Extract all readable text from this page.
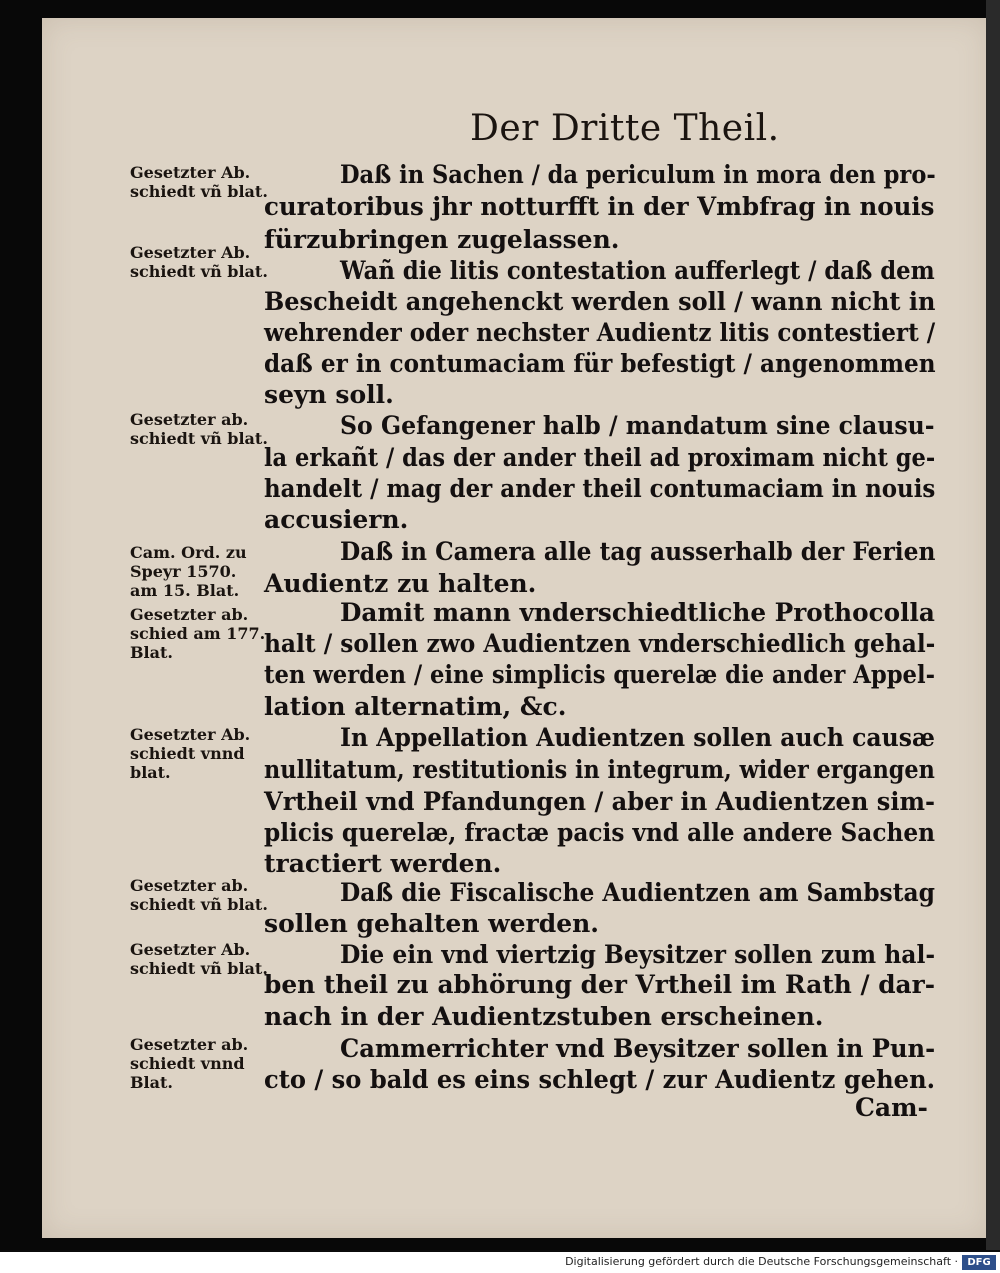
Der Dritte Theil.
Gesetzter Ab.
schiedt vñ blat.
Gesetzter Ab.
schiedt vñ blat.
Gesetzter ab.
schiedt vñ blat.
Cam. Ord. zu
Speyr 1570.
am 15. Blat.
Gesetzter ab.
schied am 177.
Blat.
Gesetzter Ab.
schiedt vnnd
blat.
Gesetzter ab.
schiedt vñ blat.
Gesetzter Ab.
schiedt vñ blat.
Gesetzter ab.
schiedt vnnd
Blat.
Daß in Sachen / da periculum in mora den pro-
curatoribus jhr notturfft in der Vmbfrag in nouis
fürzubringen zugelassen.
Wañ die litis contestation aufferlegt / daß dem
Bescheidt angehenckt werden soll / wann nicht in
wehrender oder nechster Audientz litis contestiert /
daß er in contumaciam für befestigt / angenommen
seyn soll.
So Gefangener halb / mandatum sine clausu-
la erkañt / das der ander theil ad proximam nicht ge-
handelt / mag der ander theil contumaciam in nouis
accusiern.
Daß in Camera alle tag ausserhalb der Ferien
Audientz zu halten.
Damit mann vnderschiedtliche Prothocolla
halt / sollen zwo Audientzen vnderschiedlich gehal-
ten werden / eine simplicis querelæ die ander Appel-
lation alternatim, &c.
In Appellation Audientzen sollen auch causæ
nullitatum, restitutionis in integrum, wider ergangen
Vrtheil vnd Pfandungen / aber in Audientzen sim-
plicis querelæ, fractæ pacis vnd alle andere Sachen
tractiert werden.
Daß die Fiscalische Audientzen am Sambstag
sollen gehalten werden.
Die ein vnd viertzig Beysitzer sollen zum hal-
ben theil zu abhörung der Vrtheil im Rath / dar-
nach in der Audientzstuben erscheinen.
Cammerrichter vnd Beysitzer sollen in Pun-
cto / so bald es eins schlegt / zur Audientz gehen.
Cam-
Digitalisierung gefördert durch die Deutsche Forschungsgemeinschaft · DFG
